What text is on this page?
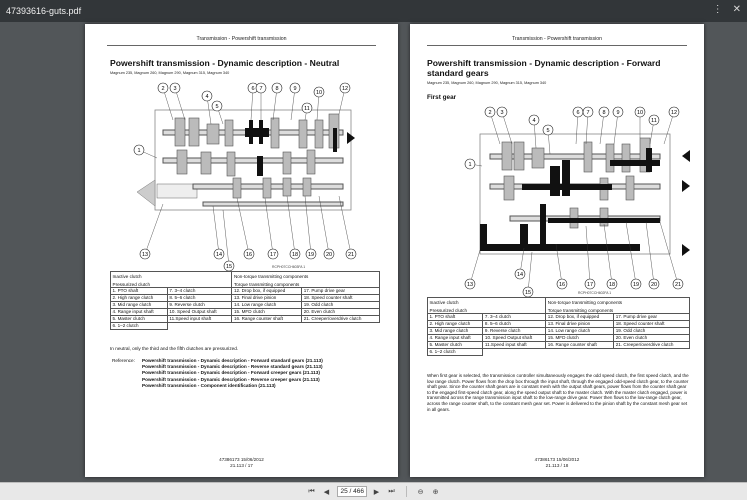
47393616-guts.pdf	⋮ ✕
Transmission - Powershift transmission
Powershift transmission - Dynamic description - Neutral
Magnum 235, Magnum 260, Magnum 290, Magnum 315, Magnum 340
1
2 3
4
5
6 7 8	9
10
11
12
13	14
15
16	17	18 19 20	21
RCPH07CCH603FA 1
Inactive clutch		Non-torque transmitting components	
Pressurized clutch		Torque transmitting components	
1. PTO shaft	7. 3–4 clutch	12. Drop box, if equipped	17. Pump drive gear
2. High range clutch	8. 5–6 clutch	13. Final drive pinion	18. Speed counter shaft
3. Mid range clutch	9. Reverse clutch	14. Low range clutch	19. Odd clutch
4. Range input shaft	10. Speed Output shaft	15. MFD clutch	20. Even clutch
5. Master clutch	11.Speed input shaft	16. Range counter shaft	21. Creeper/overdrive clutch
6. 1–2 clutch			
In neutral, only the third and the fifth clutches are pressurized.
Reference: Powershift transmission - Dynamic description - Forward standard gears (21.113)
Powershift transmission - Dynamic description - Reverse standard gears (21.113)
Powershift transmission - Dynamic description - Forward creeper gears (21.113)
Powershift transmission - Dynamic description - Reverse creeper gears (21.113)
Powershift transmission - Component identification (21.113)
47386173 15/06/2012
21.113 / 17
Transmission - Powershift transmission
Powershift transmission - Dynamic description - Forward standard gears
Magnum 235, Magnum 260, Magnum 290, Magnum 315, Magnum 340
First gear
1
2 3
4
5
6 7 8 9	10
11
12
13
14
15
16	17	18	19 20	21
RCPH07CCH602FA 1
Inactive clutch		Non-torque transmitting components	
Pressurized clutch		Torque transmitting components	
1. PTO shaft	7. 3–4 clutch	12. Drop box, if equipped	17. Pump drive gear
2. High range clutch	8. 5–6 clutch	13. Final drive pinion	18. Speed counter shaft
3. Mid range clutch	9. Reverse clutch	14. Low range clutch	19. Odd clutch
4. Range input shaft	10. Speed Output shaft	15. MFD clutch	20. Even clutch
5. Master clutch	11.Speed input shaft	16. Range counter shaft	21. Creeper/overdrive clutch
6. 1–2 clutch			
When first gear is selected, the transmission controller simultaneously engages the odd speed clutch, the first speed clutch, and the low range clutch. Power flows from the drop box through the input shaft, through the engaged odd-speed clutch gear, to the counter shaft gear. Since the counter shaft gears are in constant mesh with the output shaft gears, power flows from the counter shaft gear to the engaged first-speed clutch gear, along the speed output shaft to the master clutch. With the master clutch engaged, power is transmitted across the range transmission input shaft to the low-range drive gear. Power then flows to the low-range clutch gear, across the range counter shaft, to the constant mesh gear set. Power is delivered to the pinion shaft by the constant mesh gear set in all gears.
47386173 15/06/2012
21.113 / 18
⏮	◀	25 / 466	▶	⏭	⊖ ⊕
